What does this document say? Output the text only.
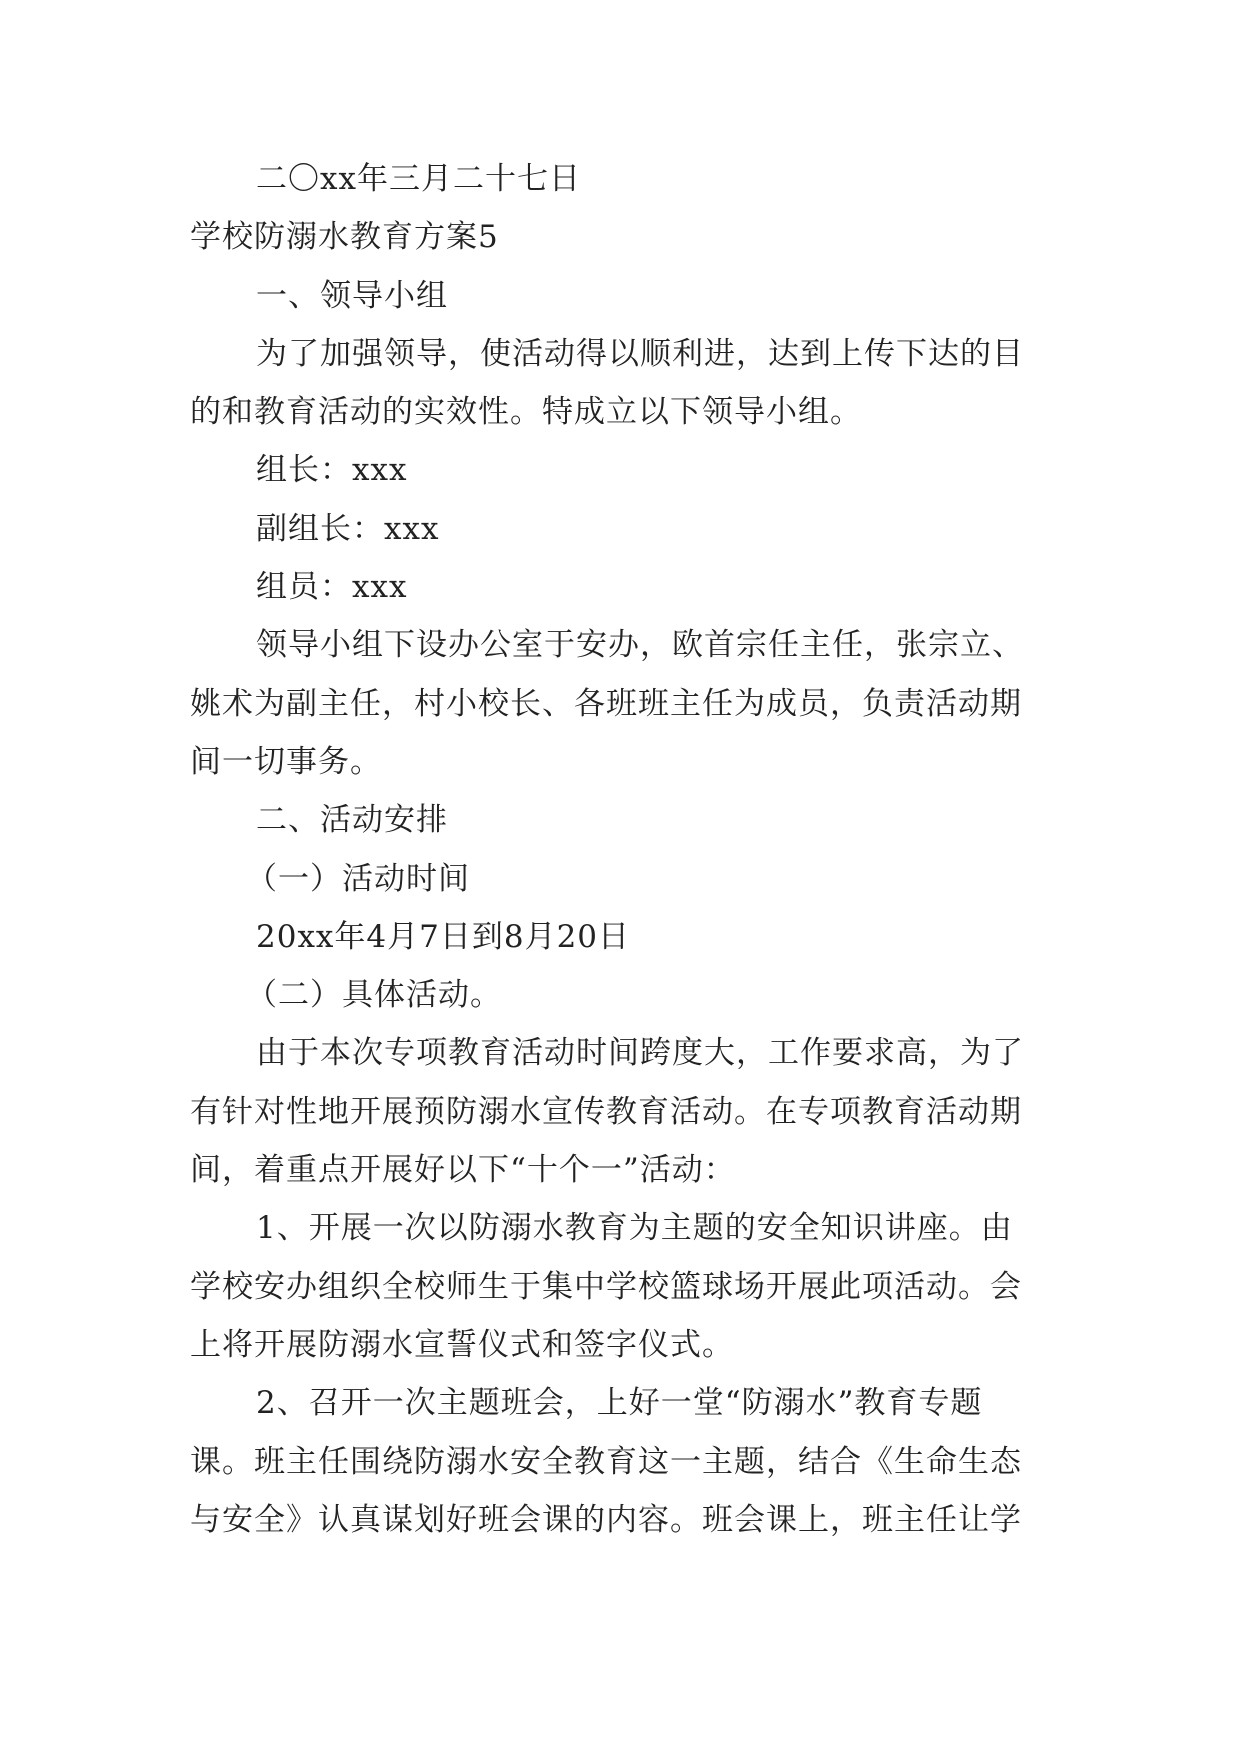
二〇xx年三月二十七日
学校防溺水教育方案5
一、领导小组
为了加强领导，使活动得以顺利进，达到上传下达的目
的和教育活动的实效性。特成立以下领导小组。
组长：xxx
副组长：xxx
组员：xxx
领导小组下设办公室于安办，欧首宗任主任，张宗立、
姚术为副主任，村小校长、各班班主任为成员，负责活动期
间一切事务。
二、活动安排
（一）活动时间
20xx年4月7日到8月20日
（二）具体活动。
由于本次专项教育活动时间跨度大，工作要求高，为了
有针对性地开展预防溺水宣传教育活动。在专项教育活动期
间，着重点开展好以下“十个一”活动：
1、开展一次以防溺水教育为主题的安全知识讲座。由
学校安办组织全校师生于集中学校篮球场开展此项活动。会
上将开展防溺水宣誓仪式和签字仪式。
2、召开一次主题班会，上好一堂“防溺水”教育专题
课。班主任围绕防溺水安全教育这一主题，结合《生命生态
与安全》认真谋划好班会课的内容。班会课上，班主任让学
